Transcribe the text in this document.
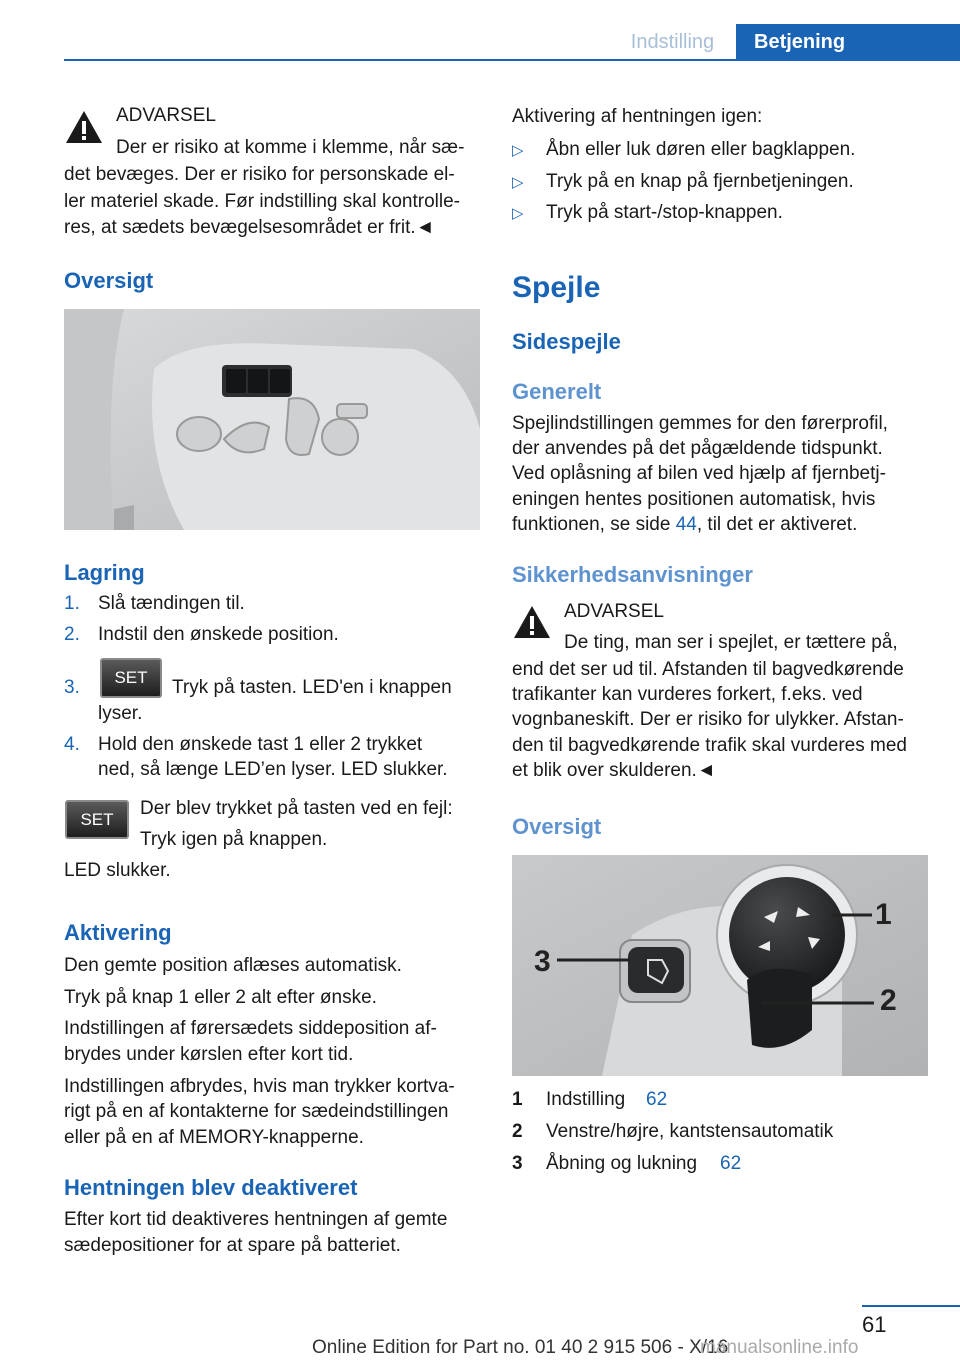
Indstilling	Betjening
ADVARSEL
Der er risiko at komme i klemme, når sæ-
det bevæges. Der er risiko for personskade el-
ler materiel skade. Før indstilling skal kontrolle-
res, at sædets bevægelsesområdet er frit.◄
Oversigt
Lagring
1. Slå tændingen til.
2. Indstil den ønskede position.
3.	SET	Tryk på tasten. LED'en i knappen
lyser.
4. Hold den ønskede tast 1 eller 2 trykket
ned, så længe LED’en lyser. LED slukker.
SET
Der blev trykket på tasten ved en fejl:
Tryk igen på knappen.
LED slukker.
Aktivering
Den gemte position aflæses automatisk.
Tryk på knap 1 eller 2 alt efter ønske.
Indstillingen af førersædets siddeposition af-
brydes under kørslen efter kort tid.
Indstillingen afbrydes, hvis man trykker kortva-
rigt på en af kontakterne for sædeindstillingen
eller på en af MEMORY-knapperne.
Hentningen blev deaktiveret
Efter kort tid deaktiveres hentningen af gemte
sædepositioner for at spare på batteriet.
Aktivering af hentningen igen:
▷ Åbn eller luk døren eller bagklappen.
▷ Tryk på en knap på fjernbetjeningen.
▷ Tryk på start-/stop-knappen.
Spejle
Sidespejle
Generelt
Spejlindstillingen gemmes for den førerprofil,
der anvendes på det pågældende tidspunkt.
Ved oplåsning af bilen ved hjælp af fjernbetj-
eningen hentes positionen automatisk, hvis
funktionen, se side 44, til det er aktiveret.
Sikkerhedsanvisninger
ADVARSEL
De ting, man ser i spejlet, er tættere på,
end det ser ud til. Afstanden til bagvedkørende
trafikanter kan vurderes forkert, f.eks. ved
vognbaneskift. Der er risiko for ulykker. Afstan-
den til bagvedkørende trafik skal vurderes med
et blik over skulderen.◄
Oversigt
1
2
3
1 Indstilling 62
2 Venstre/højre, kantstensautomatik
3 Åbning og lukning 62
61
Online Edition for Part no. 01 40 2 915 506 - X/16
manualsonline.info
